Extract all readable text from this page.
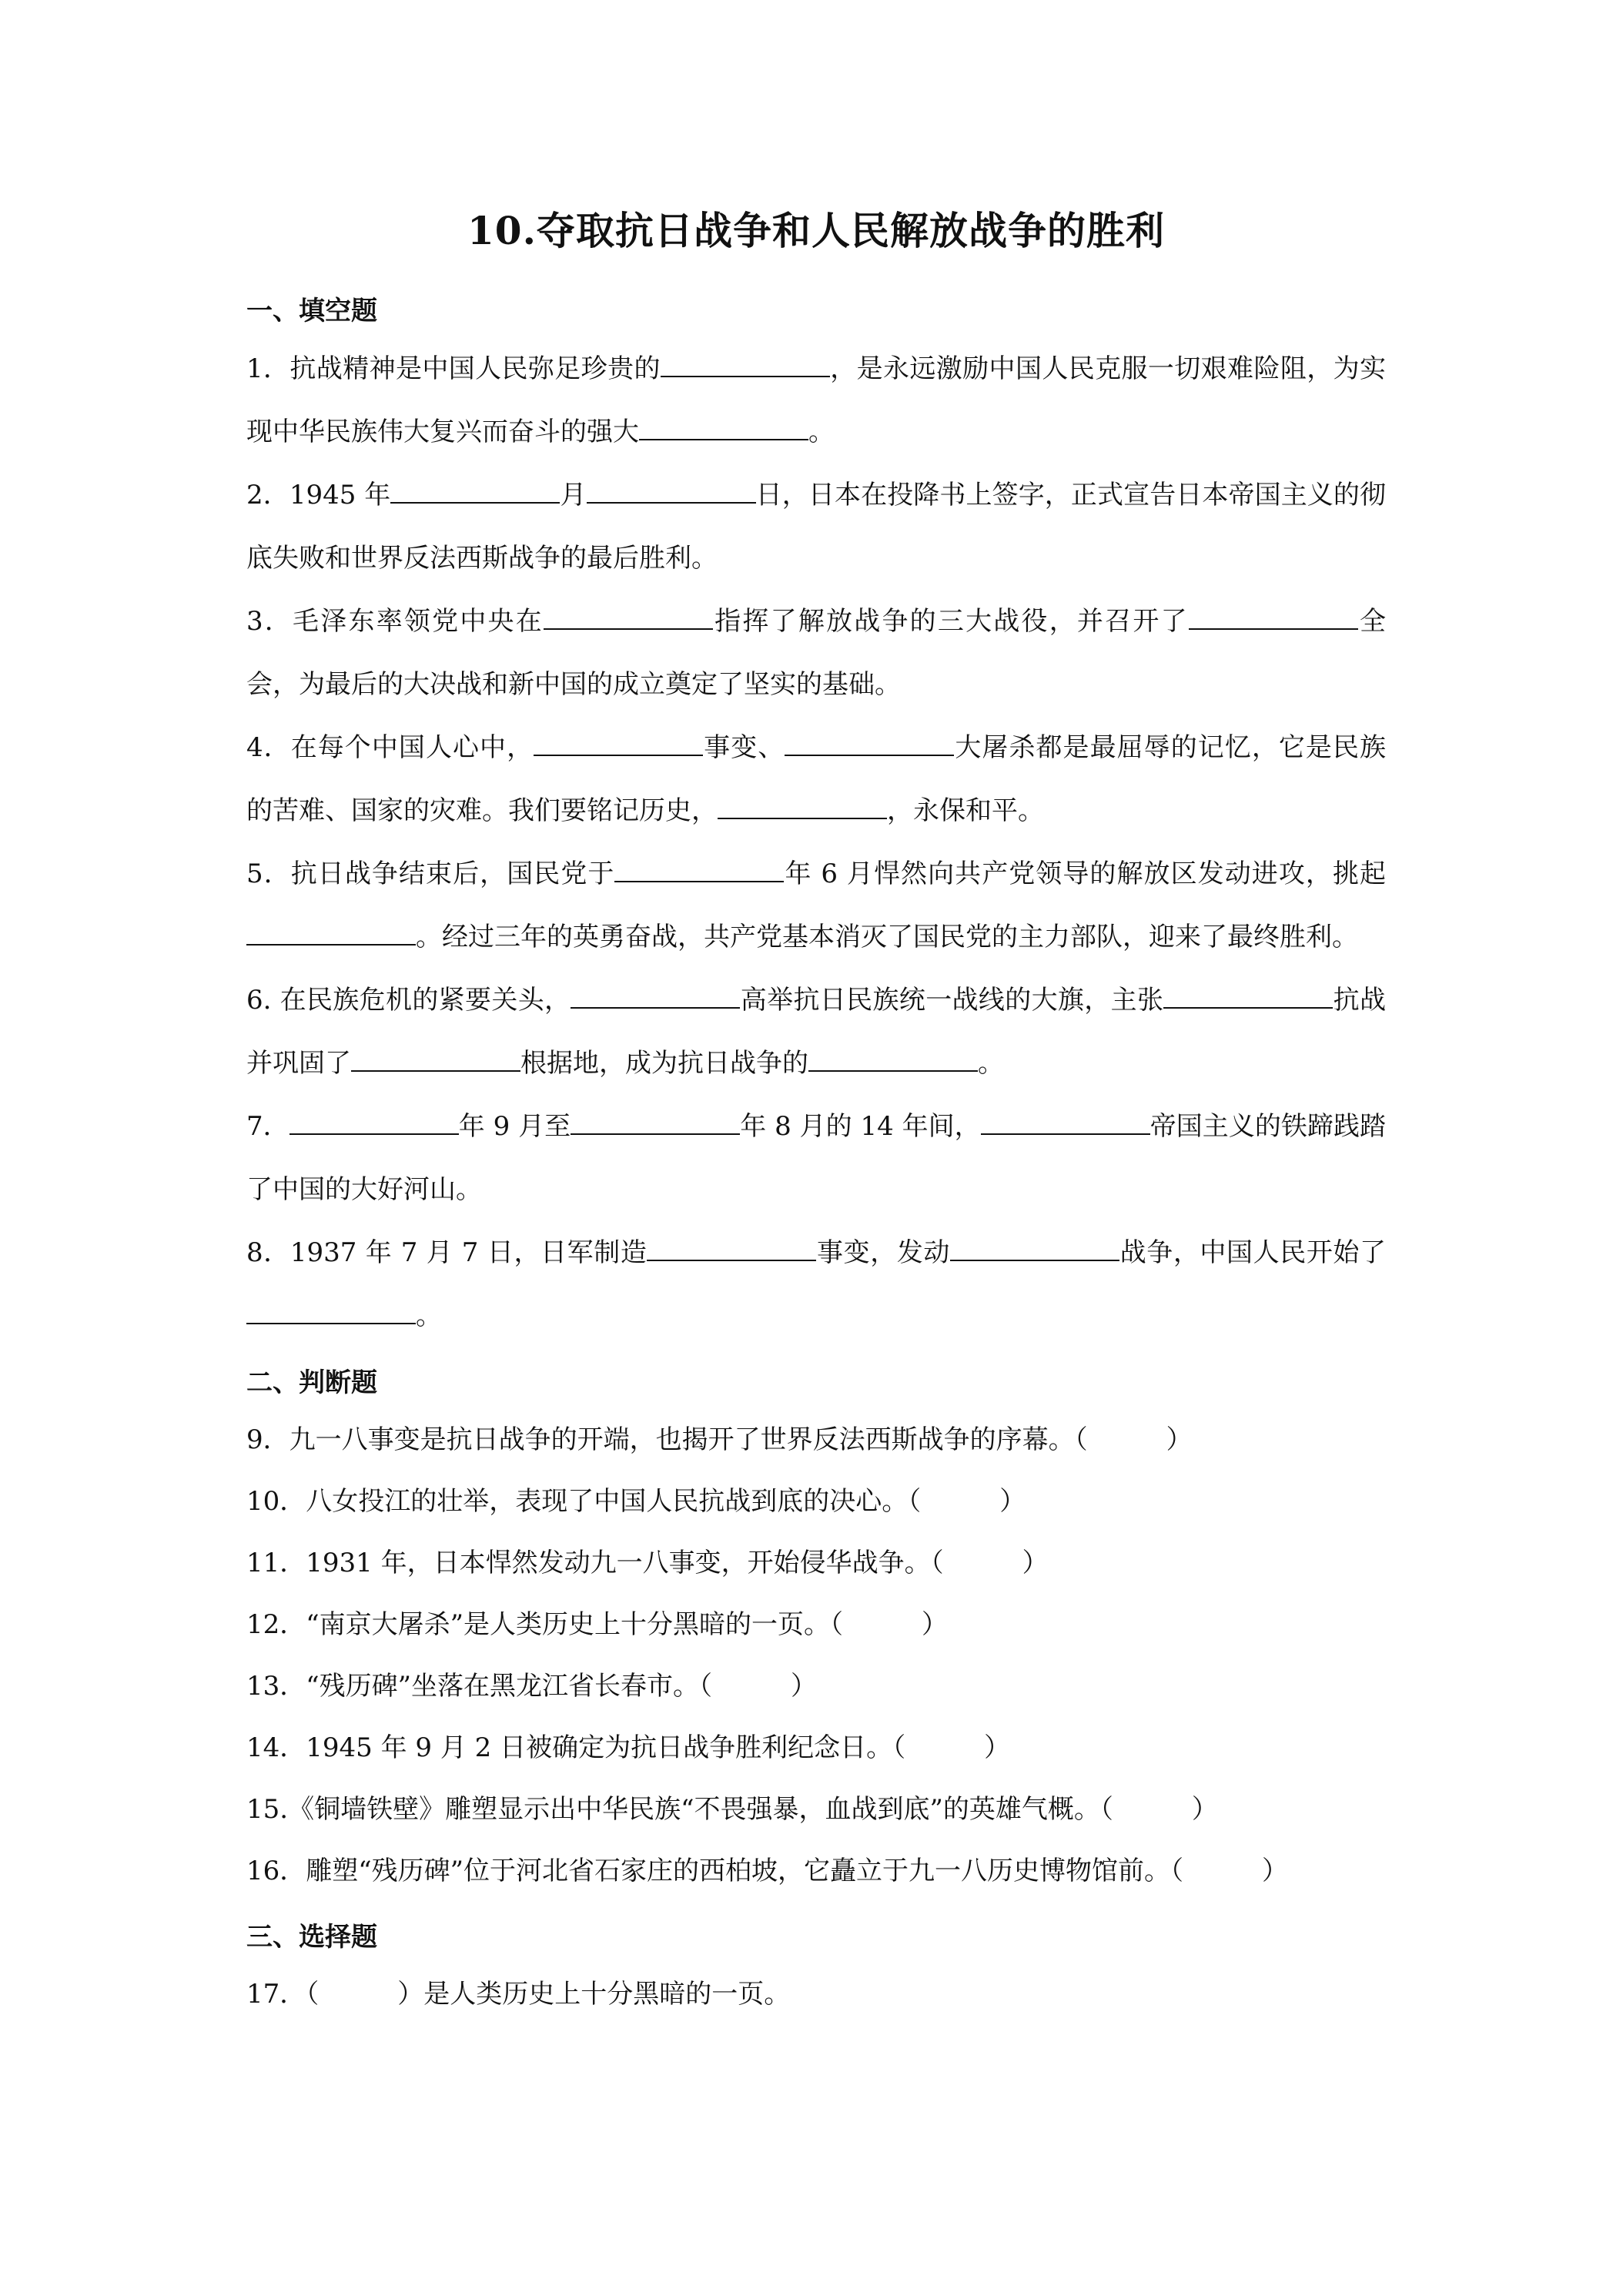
10.夺取抗日战争和人民解放战争的胜利
一、填空题

1．抗战精神是中国人民弥足珍贵的	，是永远激励中国人民克服一切艰难险阻，为实现中华民族伟大复兴而奋斗的强大	。

2．1945 年	月	日，日本在投降书上签字，正式宣告日本帝国主义的彻底失败和世界反法西斯战争的最后胜利。

3．毛泽东率领党中央在	指挥了解放战争的三大战役，并召开了	全会，为最后的大决战和新中国的成立奠定了坚实的基础。

4．在每个中国人心中，	事变、	大屠杀都是最屈辱的记忆，它是民族的苦难、国家的灾难。我们要铭记历史，	，永保和平。

5．抗日战争结束后，国民党于	年 6 月悍然向共产党领导的解放区发动进攻，挑起。经过三年的英勇奋战，共产党基本消灭了国民党的主力部队，迎来了最终胜利。

6. 在民族危机的紧要关头，	高举抗日民族统一战线的大旗，主张	抗战并巩固了	根据地，成为抗日战争的	。

7．	年 9 月至	年 8 月的 14 年间，	帝国主义的铁蹄践踏了中国的大好河山。

8．1937 年 7 月 7 日，日军制造	事变，发动	战争，中国人民开始了。

二、判断题

9．九一八事变是抗日战争的开端，也揭开了世界反法西斯战争的序幕。（　　　）

10．八女投江的壮举，表现了中国人民抗战到底的决心。（　　　）

11．1931 年，日本悍然发动九一八事变，开始侵华战争。（　　　）

12．“南京大屠杀”是人类历史上十分黑暗的一页。（　　　）

13．“残历碑”坐落在黑龙江省长春市。（　　　）

14．1945 年 9 月 2 日被确定为抗日战争胜利纪念日。（　　　）

15.《铜墙铁壁》雕塑显示出中华民族“不畏强暴，血战到底”的英雄气概。（　　　）

16．雕塑“残历碑”位于河北省石家庄的西柏坡，它矗立于九一八历史博物馆前。（　　　）

三、选择题

17．（　　　）是人类历史上十分黑暗的一页。
